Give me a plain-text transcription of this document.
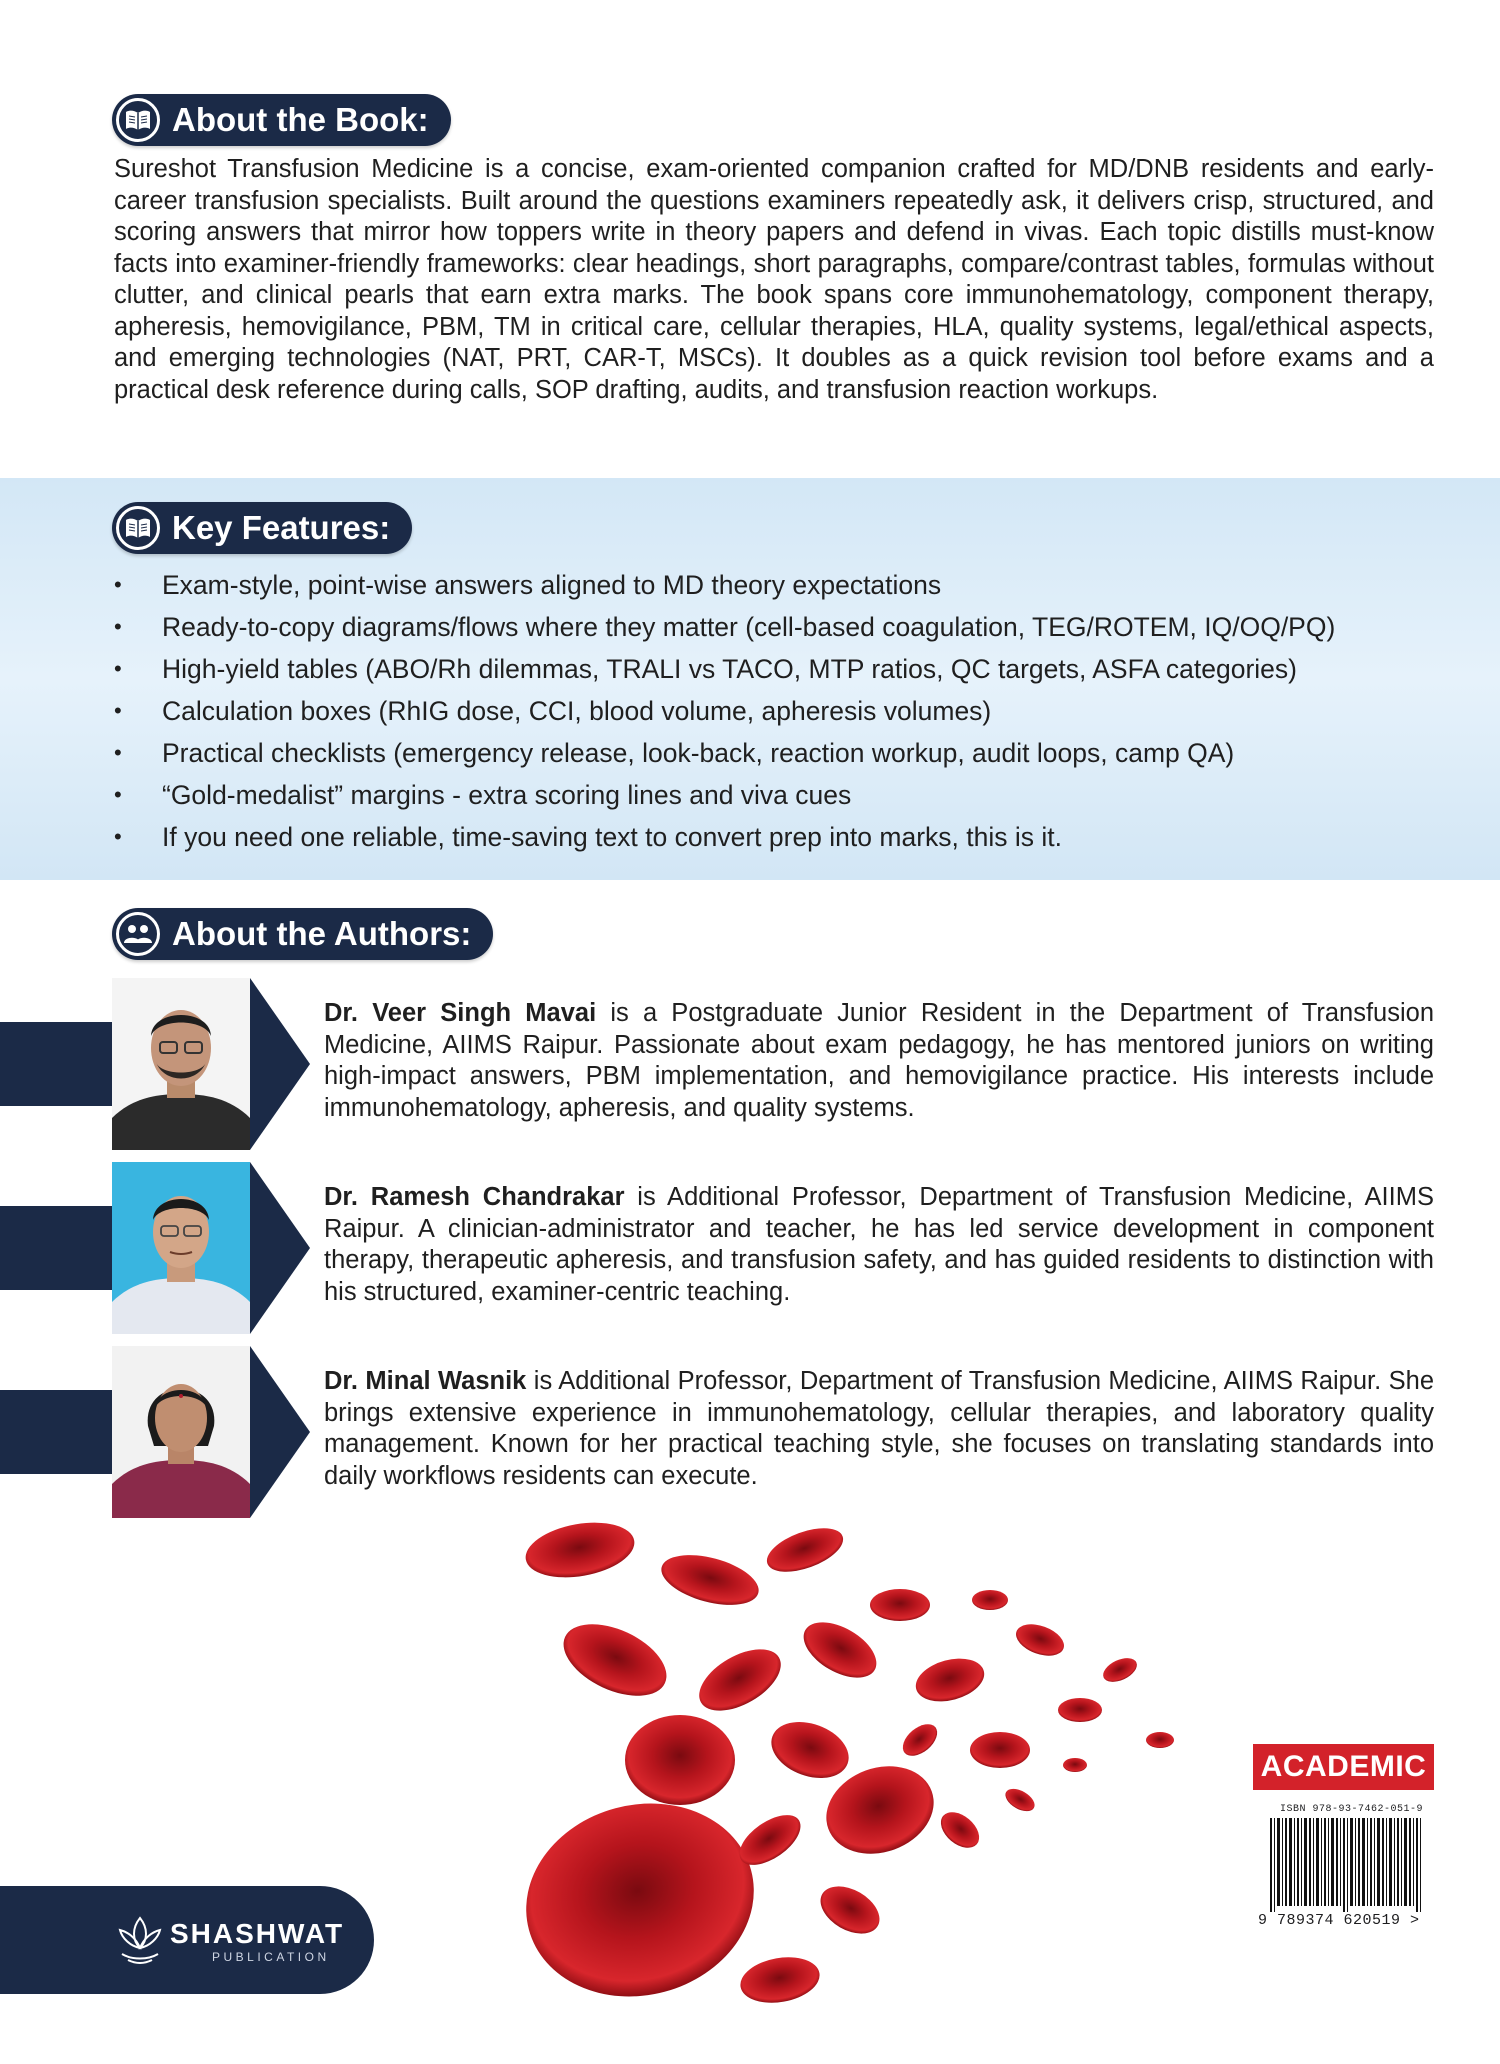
About the Book:

Sureshot Transfusion Medicine is a concise, exam-oriented companion crafted for MD/DNB residents and early-career transfusion specialists. Built around the questions examiners repeatedly ask, it delivers crisp, structured, and scoring answers that mirror how toppers write in theory papers and defend in vivas. Each topic distills must-know facts into examiner-friendly frameworks: clear headings, short paragraphs, compare/contrast tables, formulas without clutter, and clinical pearls that earn extra marks. The book spans core immunohematology, component therapy, apheresis, hemovigilance, PBM, TM in critical care, cellular therapies, HLA, quality systems, legal/ethical aspects, and emerging technologies (NAT, PRT, CAR-T, MSCs). It doubles as a quick revision tool before exams and a practical desk reference during calls, SOP drafting, audits, and transfusion reaction workups.

Key Features:
• Exam-style, point-wise answers aligned to MD theory expectations
• Ready-to-copy diagrams/flows where they matter (cell-based coagulation, TEG/ROTEM, IQ/OQ/PQ)
• High-yield tables (ABO/Rh dilemmas, TRALI vs TACO, MTP ratios, QC targets, ASFA categories)
• Calculation boxes (RhIG dose, CCI, blood volume, apheresis volumes)
• Practical checklists (emergency release, look-back, reaction workup, audit loops, camp QA)
• “Gold-medalist” margins - extra scoring lines and viva cues
• If you need one reliable, time-saving text to convert prep into marks, this is it.
About the Authors:

Dr. Veer Singh Mavai is a Postgraduate Junior Resident in the Department of Transfusion Medicine, AIIMS Raipur. Passionate about exam pedagogy, he has mentored juniors on writing high-impact answers, PBM implementation, and hemovigilance practice. His interests include immunohematology, apheresis, and quality systems.

Dr. Ramesh Chandrakar is Additional Professor, Department of Transfusion Medicine, AIIMS Raipur. A clinician-administrator and teacher, he has led service development in component therapy, therapeutic apheresis, and transfusion safety, and has guided residents to distinction with his structured, examiner-centric teaching.

Dr. Minal Wasnik is Additional Professor, Department of Transfusion Medicine, AIIMS Raipur. She brings extensive experience in immunohematology, cellular therapies, and laboratory quality management. Known for her practical teaching style, she focuses on translating standards into daily workflows residents can execute.

ACADEMIC
ISBN 978-93-7462-051-9
9 789374 620519 >
SHASHWAT
PUBLICATION
